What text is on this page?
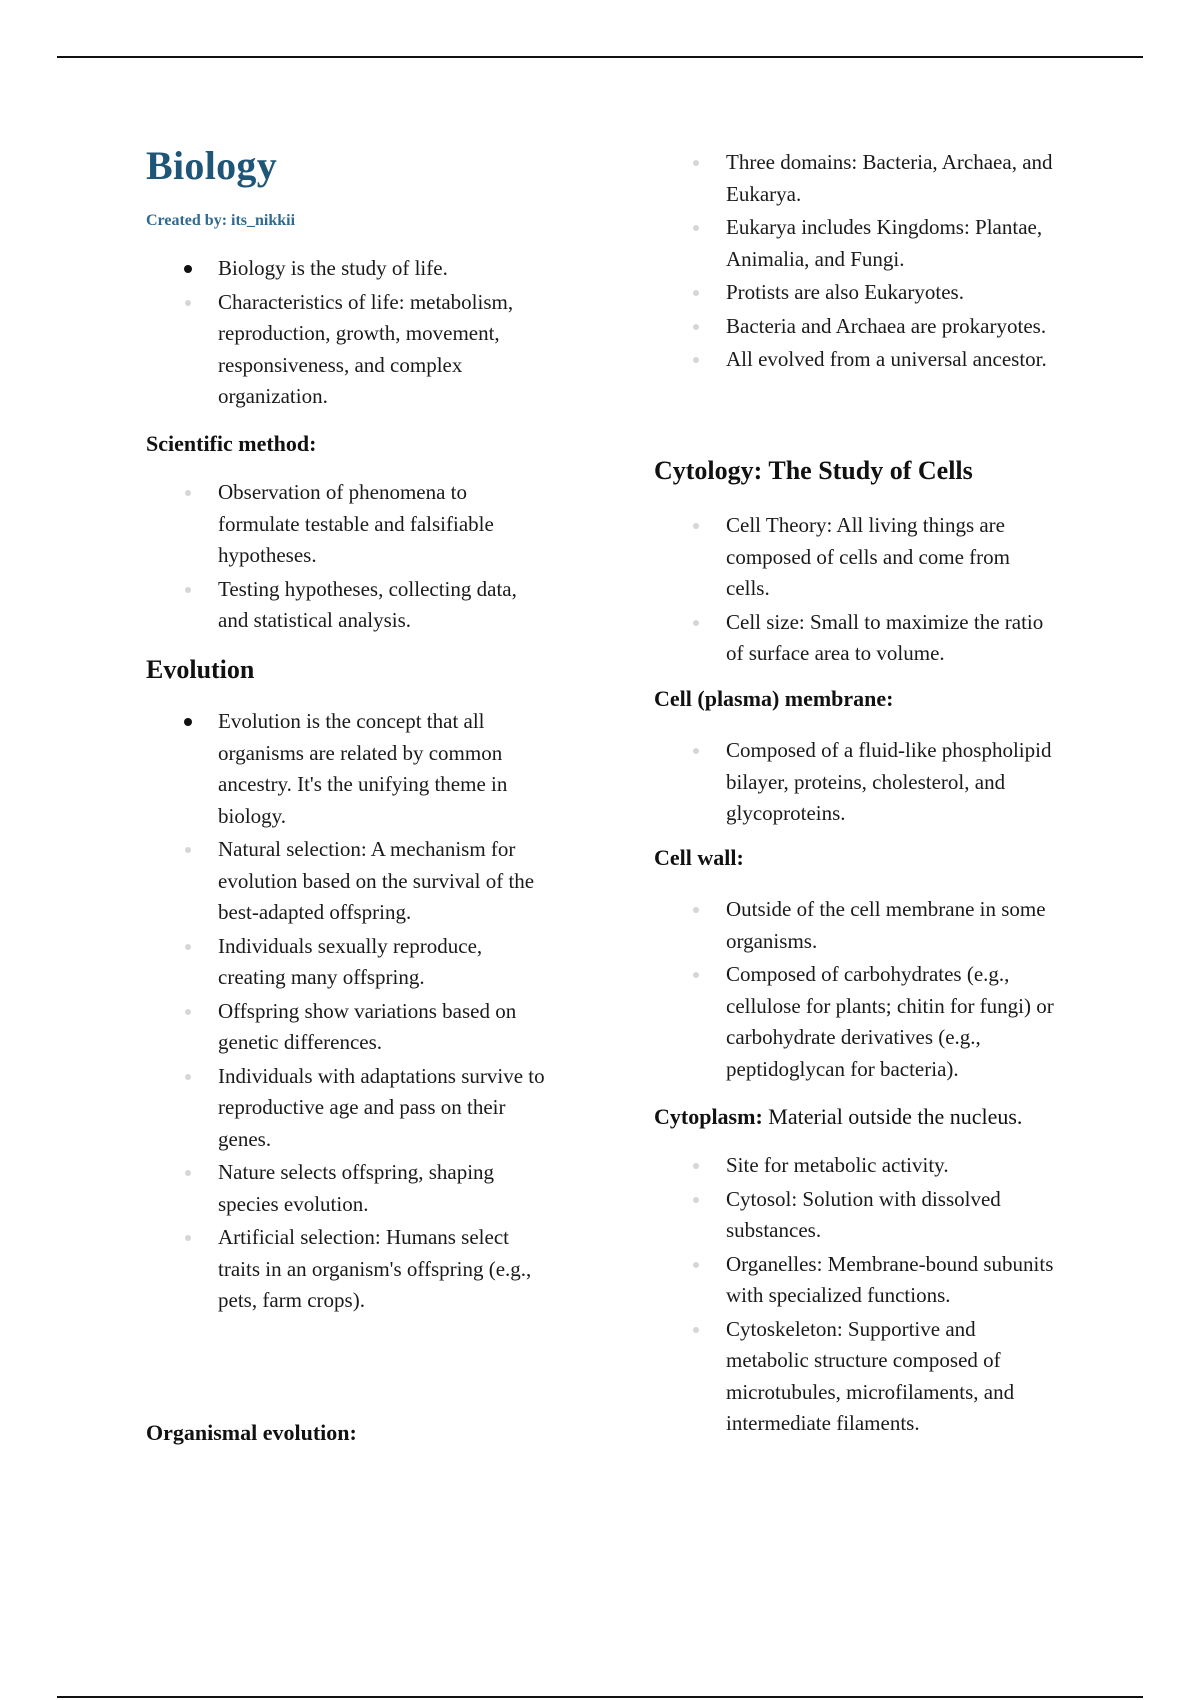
Biology

Created by: its_nikkii

Biology is the study of life.
Characteristics of life: metabolism, reproduction, growth, movement, responsiveness, and complex organization.
Scientific method:
Observation of phenomena to formulate testable and falsifiable hypotheses.
Testing hypotheses, collecting data, and statistical analysis.
Evolution
Evolution is the concept that all organisms are related by common ancestry. It's the unifying theme in biology.
Natural selection: A mechanism for evolution based on the survival of the best-adapted offspring.
Individuals sexually reproduce, creating many offspring.
Offspring show variations based on genetic differences.
Individuals with adaptations survive to reproductive age and pass on their genes.
Nature selects offspring, shaping species evolution.
Artificial selection: Humans select traits in an organism's offspring (e.g., pets, farm crops).
Organismal evolution:
Three domains: Bacteria, Archaea, and Eukarya.
Eukarya includes Kingdoms: Plantae, Animalia, and Fungi.
Protists are also Eukaryotes.
Bacteria and Archaea are prokaryotes.
All evolved from a universal ancestor.
Cytology: The Study of Cells
Cell Theory: All living things are composed of cells and come from cells.
Cell size: Small to maximize the ratio of surface area to volume.
Cell (plasma) membrane:
Composed of a fluid-like phospholipid bilayer, proteins, cholesterol, and glycoproteins.
Cell wall:
Outside of the cell membrane in some organisms.
Composed of carbohydrates (e.g., cellulose for plants; chitin for fungi) or carbohydrate derivatives (e.g., peptidoglycan for bacteria).

Cytoplasm: Material outside the nucleus.

Site for metabolic activity.
Cytosol: Solution with dissolved substances.
Organelles: Membrane-bound subunits with specialized functions.
Cytoskeleton: Supportive and metabolic structure composed of microtubules, microfilaments, and intermediate filaments.
